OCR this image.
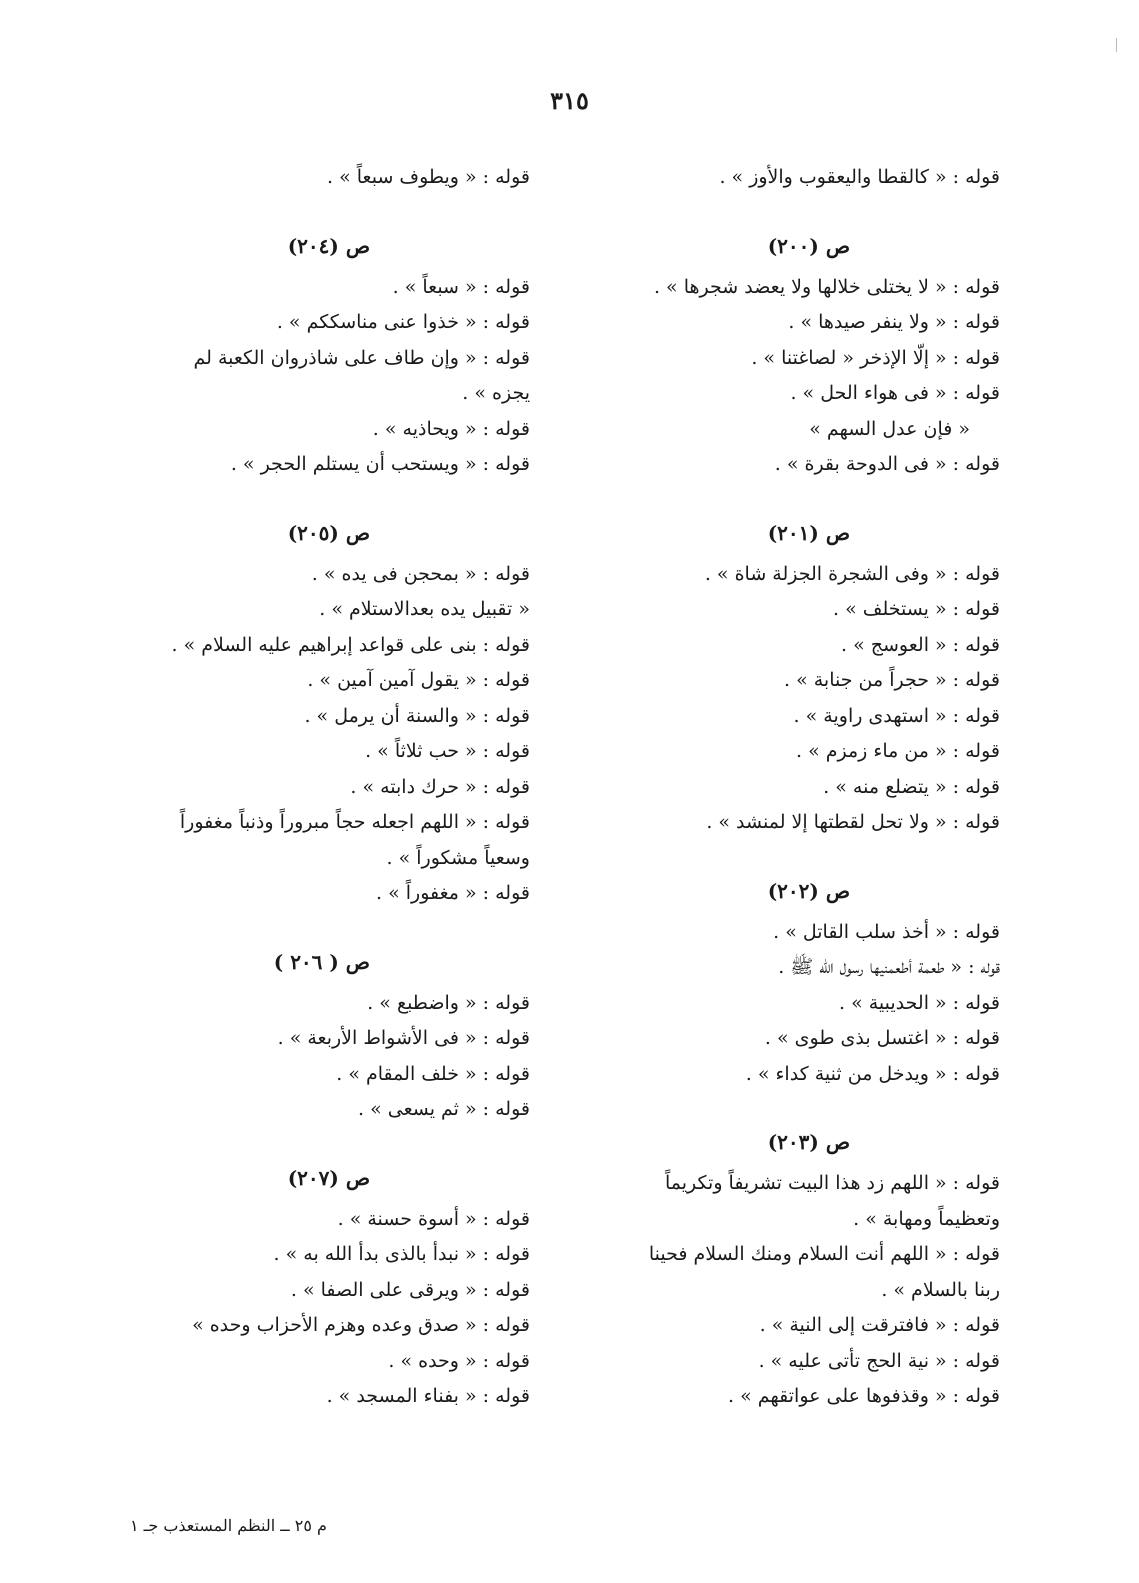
٣١٥
قوله : « كالقطا واليعقوب والأوز » .
ص (٢٠٠)
قوله : « لا يختلى خلالها ولا يعضد شجرها » .
قوله : « ولا ينفر صيدها » .
قوله : « إلّا الإذخر « لصاغتنا » .
قوله : « فى هواء الحل » .
« فإن عدل السهم »
قوله : « فى الدوحة بقرة » .
ص (٢٠١)
قوله : « وفى الشجرة الجزلة شاة » .
قوله : « يستخلف » .
قوله : « العوسج » .
قوله : « حجراً من جنابة » .
قوله : « استهدى راوية » .
قوله : « من ماء زمزم » .
قوله : « يتضلع منه » .
قوله : « ولا تحل لقطتها إلا لمنشد » .
ص (٢٠٢)
قوله : « أخذ سلب القاتل » .
قوله : « طعمة أطعمنيها رسول الله ﷺ .
قوله : « الحديبية » .
قوله : « اغتسل بذى طوى » .
قوله : « ويدخل من ثنية كداء » .
ص (٢٠٣)
قوله : « اللهم زد هذا البيت تشريفاً وتكريماً
وتعظيماً ومهابة » .
قوله : « اللهم أنت السلام ومنك السلام فحينا
ربنا بالسلام » .
قوله : « فافترقت إلى النية » .
قوله : « نية الحج تأتى عليه » .
قوله : « وقذفوها على عواتقهم » .
قوله : « ويطوف سبعاً » .
ص (٢٠٤)
قوله : « سبعاً » .
قوله : « خذوا عنى مناسككم » .
قوله : « وإن طاف على شاذروان الكعبة لم
يجزه » .
قوله : « ويحاذيه » .
قوله : « ويستحب أن يستلم الحجر » .
ص (٢٠٥)
قوله : « بمحجن فى يده » .
« تقبيل يده بعدالاستلام » .
قوله : بنى على قواعد إبراهيم عليه السلام » .
قوله : « يقول آمين آمين » .
قوله : « والسنة أن يرمل » .
قوله : « حب ثلاثاً » .
قوله : « حرك دابته » .
قوله : « اللهم اجعله حجاً مبروراً وذنباً مغفوراً
وسعياً مشكوراً » .
قوله : « مغفوراً » .
ص ( ٢٠٦ )
قوله : « واضطبع » .
قوله : « فى الأشواط الأربعة » .
قوله : « خلف المقام » .
قوله : « ثم يسعى » .
ص (٢٠٧)
قوله : « أسوة حسنة » .
قوله : « نبدأ بالذى بدأ الله به » .
قوله : « ويرقى على الصفا » .
قوله : « صدق وعده وهزم الأحزاب وحده »
قوله : « وحده » .
قوله : « بفناء المسجد » .
م ٢٥ ــ النظم المستعذب جـ ١
